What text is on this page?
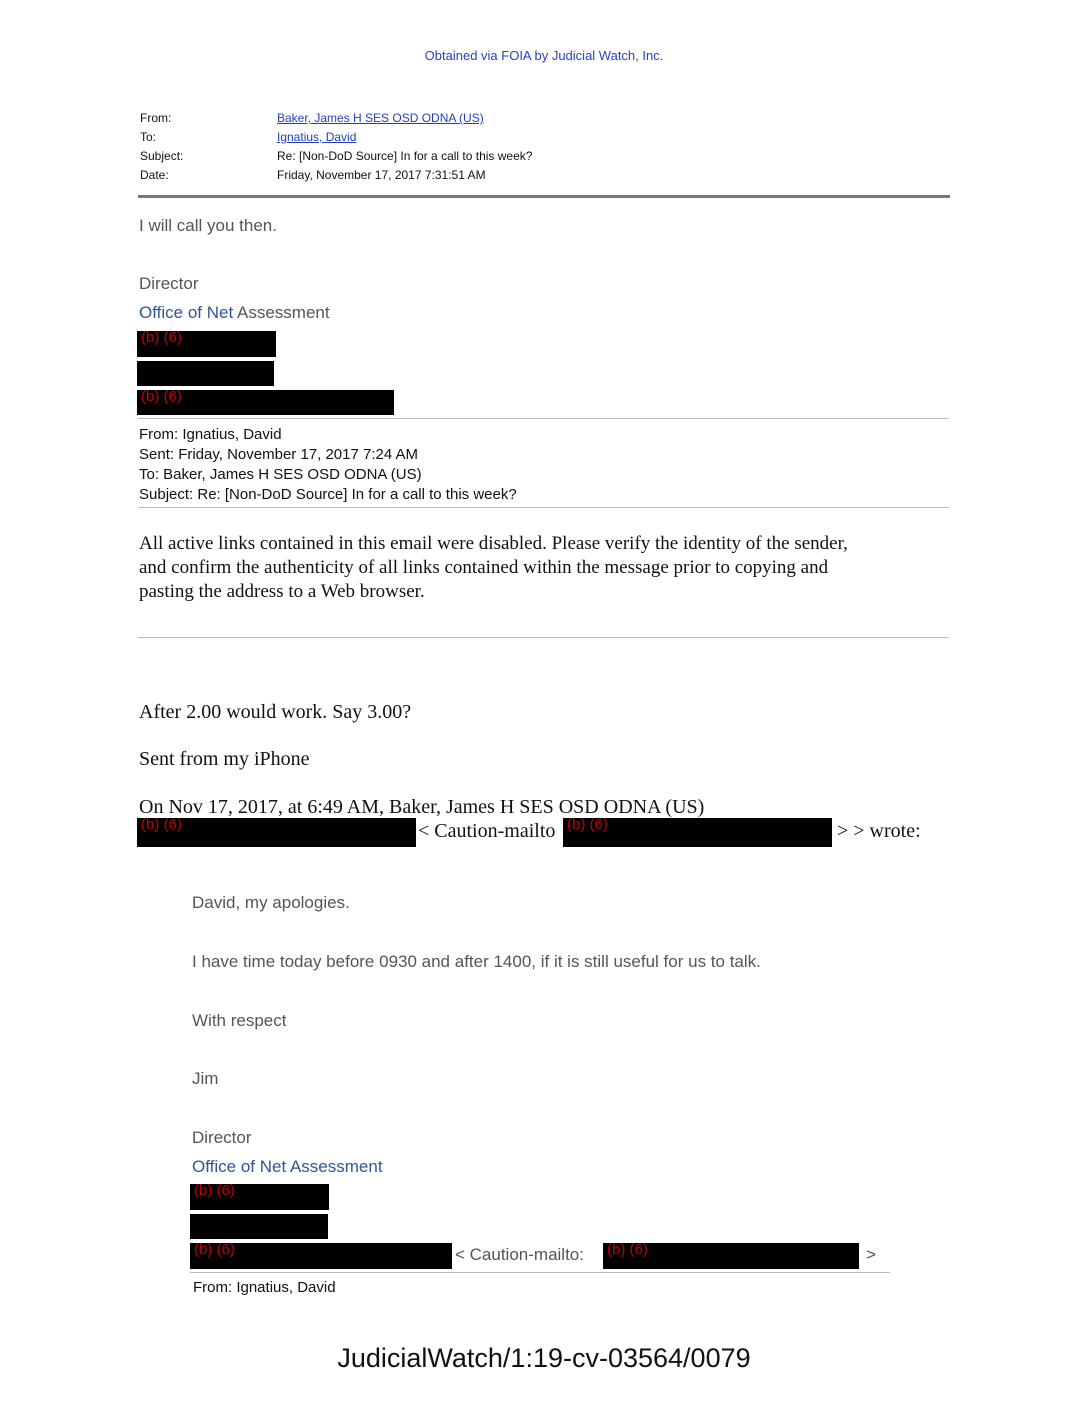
Obtained via FOIA by Judicial Watch, Inc.
From:	Baker, James H SES OSD ODNA (US)
To:	Ignatius, David
Subject:	Re: [Non-DoD Source] In for a call to this week?
Date:	Friday, November 17, 2017 7:31:51 AM
I will call you then.
Director
Office of Net Assessment
(b) (6)
(b) (6)
From: Ignatius, David
Sent: Friday, November 17, 2017 7:24 AM
To: Baker, James H SES OSD ODNA (US)
Subject: Re: [Non-DoD Source] In for a call to this week?
All active links contained in this email were disabled. Please verify the identity of the sender,
and confirm the authenticity of all links contained within the message prior to copying and
pasting the address to a Web browser.
After 2.00 would work. Say 3.00?
Sent from my iPhone
On Nov 17, 2017, at 6:49 AM, Baker, James H SES OSD ODNA (US)
(b) (6)	< Caution-mailto (b) (6)	> > wrote:
David, my apologies.
I have time today before 0930 and after 1400, if it is still useful for us to talk.
With respect
Jim
Director
Office of Net Assessment
(b) (6)
(b) (6)	< Caution-mailto: (b) (6)	>
From: Ignatius, David
JudicialWatch/1:19-cv-03564/0079
